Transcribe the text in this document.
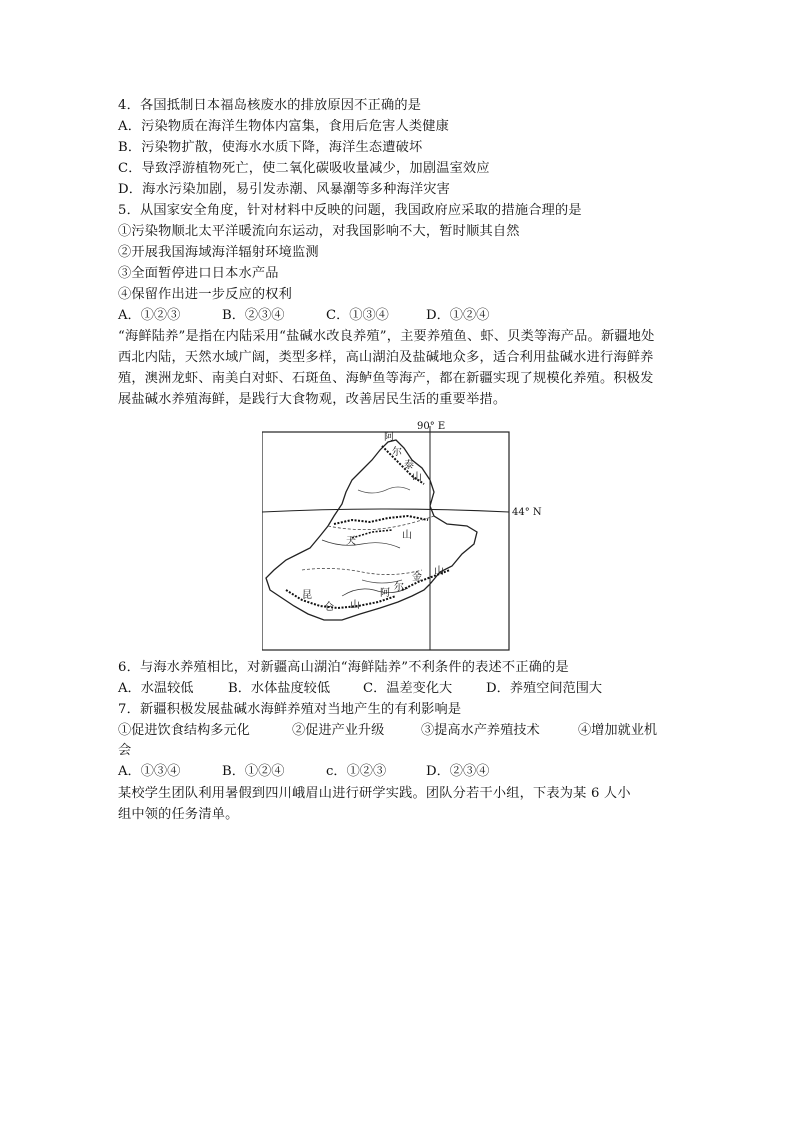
4．各国抵制日本福岛核废水的排放原因不正确的是
A．污染物质在海洋生物体内富集，食用后危害人类健康
B．污染物扩散，使海水水质下降，海洋生态遭破坏
C．导致浮游植物死亡，使二氧化碳吸收量减少，加剧温室效应
D．海水污染加剧，易引发赤潮、风暴潮等多种海洋灾害
5．从国家安全角度，针对材料中反映的问题，我国政府应采取的措施合理的是
①污染物顺北太平洋暖流向东运动，对我国影响不大，暂时顺其自然
②开展我国海域海洋辐射环境监测
③全面暂停进口日本水产品
④保留作出进一步反应的权利
A．①②③	B．②③④	C．①③④	D．①②④
“海鲜陆养”是指在内陆采用“盐碱水改良养殖”，主要养殖鱼、虾、贝类等海产品。新疆地处
西北内陆，天然水域广阔，类型多样，高山湖泊及盐碱地众多，适合利用盐碱水进行海鲜养
殖，澳洲龙虾、南美白对虾、石斑鱼、海鲈鱼等海产，都在新疆实现了规模化养殖。积极发
展盐碱水养殖海鲜，是践行大食物观，改善居民生活的重要举措。
90° E
44° N
阿
尔
泰
山
天
山
昆
仑 山
阿
尔
金
山
6．与海水养殖相比，对新疆高山湖泊“海鲜陆养”不利条件的表述不正确的是
A．水温较低	B．水体盐度较低 C．温差变化大	D．养殖空间范围大
7．新疆积极发展盐碱水海鲜养殖对当地产生的有利影响是
①促进饮食结构多元化	②促进产业升级	③提高水产养殖技术	④增加就业机
会
A．①③④	B．①②④	c．①②③	D．②③④
某校学生团队利用暑假到四川峨眉山进行研学实践。团队分若干小组，下表为某 6 人小
组中领的任务清单。
